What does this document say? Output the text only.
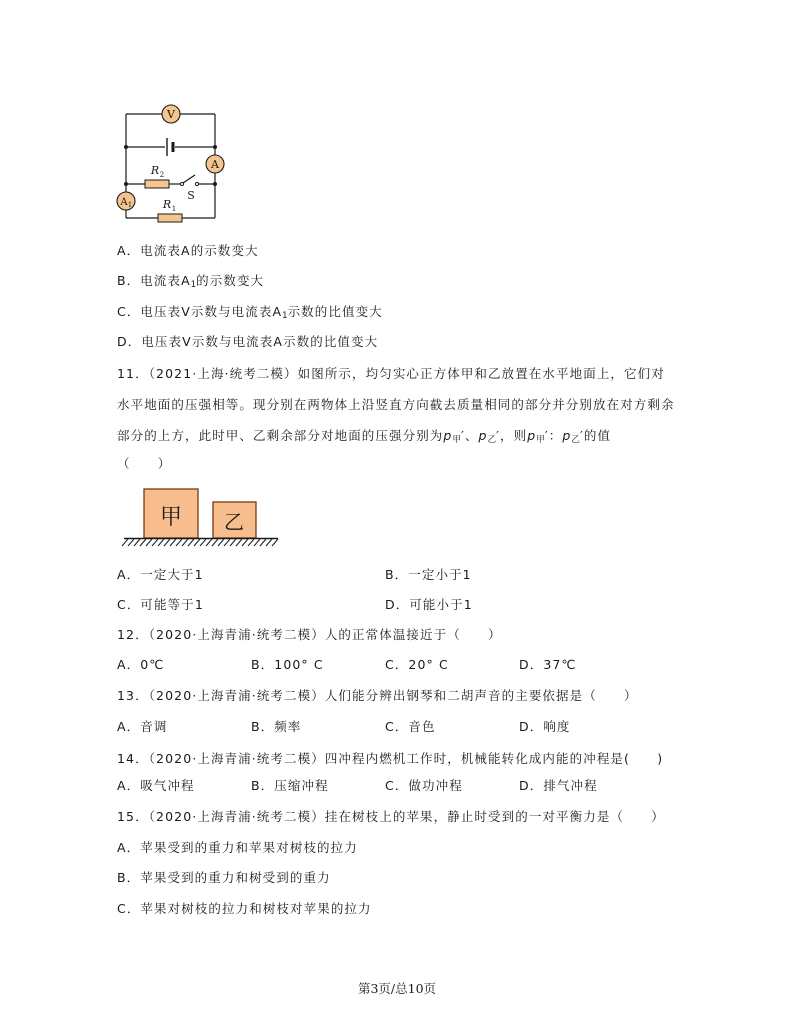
V
A
A 1
R 2
R 1
S
A．电流表A的示数变大
B．电流表$A_1$的示数变大
C．电压表V示数与电流表$A_1$示数的比值变大
D．电压表V示数与电流表A示数的比值变大
11．（2021·上海·统考二模）如图所示，均匀实心正方体甲和乙放置在水平地面上，它们对
水平地面的压强相等。现分别在两物体上沿竖直方向截去质量相同的部分并分别放在对方剩余
部分的上方，此时甲、乙剩余部分对地面的压强分别为$p_甲'$、$p_乙'$，则$p_甲'$：$p_乙'$的值
（　　）
甲 乙
A．一定大于1	B．一定小于1
C．可能等于1	D．可能小于1
12．（2020·上海青浦·统考二模）人的正常体温接近于（　　）
A．0℃	B．100° C	C．20° C	D．37℃
13．（2020·上海青浦·统考二模）人们能分辨出钢琴和二胡声音的主要依据是（　　）
A．音调	B．频率	C．音色	D．响度
14．（2020·上海青浦·统考二模）四冲程内燃机工作时，机械能转化成内能的冲程是(　　)
A．吸气冲程	B．压缩冲程	C．做功冲程	D．排气冲程
15．（2020·上海青浦·统考二模）挂在树枝上的苹果，静止时受到的一对平衡力是（　　）
A．苹果受到的重力和苹果对树枝的拉力
B．苹果受到的重力和树受到的重力
C．苹果对树枝的拉力和树枝对苹果的拉力
第3页/总10页
